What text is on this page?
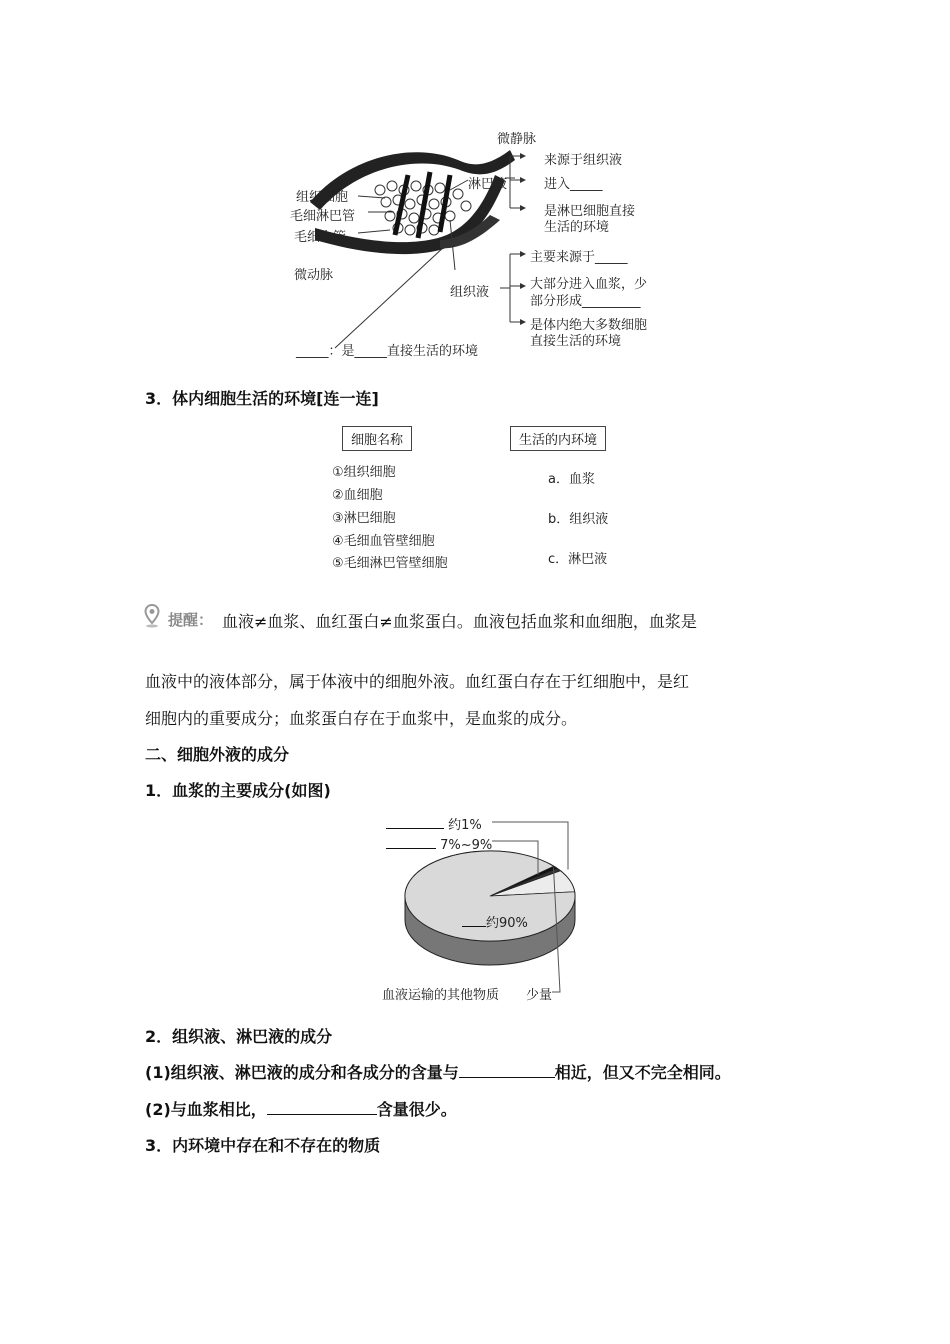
微静脉
组织细胞
毛细淋巴管
毛细血管
微动脉
淋巴液
来源于组织液
进入_____
是淋巴细胞直接
生活的环境
组织液
主要来源于_____
大部分进入血浆，少
部分形成_________
是体内绝大多数细胞
直接生活的环境
_____：是_____直接生活的环境
3．体内细胞生活的环境[连一连]
细胞名称	生活的内环境
①组织细胞
②血细胞
③淋巴细胞
④毛细血管壁细胞
⑤毛细淋巴管壁细胞
a．血浆
b．组织液
c．淋巴液
提醒： 血液≠血浆、血红蛋白≠血浆蛋白。血液包括血浆和血细胞，血浆是
血液中的液体部分，属于体液中的细胞外液。血红蛋白存在于红细胞中，是红
细胞内的重要成分；血浆蛋白存在于血浆中，是血浆的成分。
二、细胞外液的成分
1．血浆的主要成分(如图)
约1%
7%~9%
约90%
血液运输的其他物质 少量
2．组织液、淋巴液的成分
(1)组织液、淋巴液的成分和各成分的含量与	相近，但又不完全相同。
(2)与血浆相比，	含量很少。
3．内环境中存在和不存在的物质
